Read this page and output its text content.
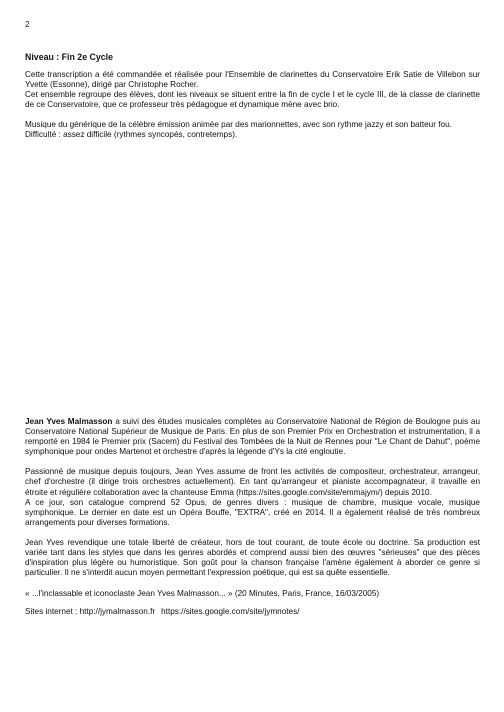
2
Niveau : Fin 2e Cycle

Cette transcription a été commandée et réalisée pour l'Ensemble de clarinettes du Conservatoire Erik Satie de Villebon sur Yvette (Essonne), dirigé par Christophe Rocher.

Cet ensemble regroupe des élèves, dont les niveaux se situent entre la fin de cycle I et le cycle III, de la classe de clarinette de ce Conservatoire, que ce professeur très pédagogue et dynamique mène avec brio.

Musique du générique de la célèbre émission animée par des marionnettes, avec son rythme jazzy et son batteur fou.

Difficulté : assez difficile (rythmes syncopés, contretemps).

Jean Yves Malmasson a suivi des études musicales complètes au Conservatoire National de Région de Boulogne puis au Conservatoire National Supérieur de Musique de Paris. En plus de son Premier Prix en Orchestration et instrumentation, il a remporté en 1984 le Premier prix (Sacem) du Festival des Tombées de la Nuit de Rennes pour "Le Chant de Dahut", poème symphonique pour ondes Martenot et orchestre d'après la légende d'Ys la cité engloutie.

Passionné de musique depuis toujours, Jean Yves assume de front les activités de compositeur, orchestrateur, arrangeur, chef d'orchestre (il dirige trois orchestres actuellement). En tant qu'arrangeur et pianiste accompagnateur, il travaille en étroite et régulière collaboration avec la chanteuse Emma (https://sites.google.com/site/emmajym/) depuis 2010.

A ce jour, son catalogue comprend 52 Opus, de genres divers : musique de chambre, musique vocale, musique symphonique. Le dernier en date est un Opéra Bouffe, "EXTRA", créé en 2014. Il a également réalisé de très nombreux arrangements pour diverses formations.

Jean Yves revendique une totale liberté de créateur, hors de tout courant, de toute école ou doctrine. Sa production est variée tant dans les styles que dans les genres abordés et comprend aussi bien des œuvres "sérieuses" que des pièces d'inspiration plus légère ou humoristique. Son goût pour la chanson française l'amène également à aborder ce genre si particulier. Il ne s'interdit aucun moyen permettant l'expression poétique, qui est sa quête essentielle.

« ...l'inclassable et iconoclaste Jean Yves Malmasson... » (20 Minutes, Paris, France, 16/03/2005)

Sites internet : http://jymalmasson.fr https://sites.google.com/site/jymnotes/
